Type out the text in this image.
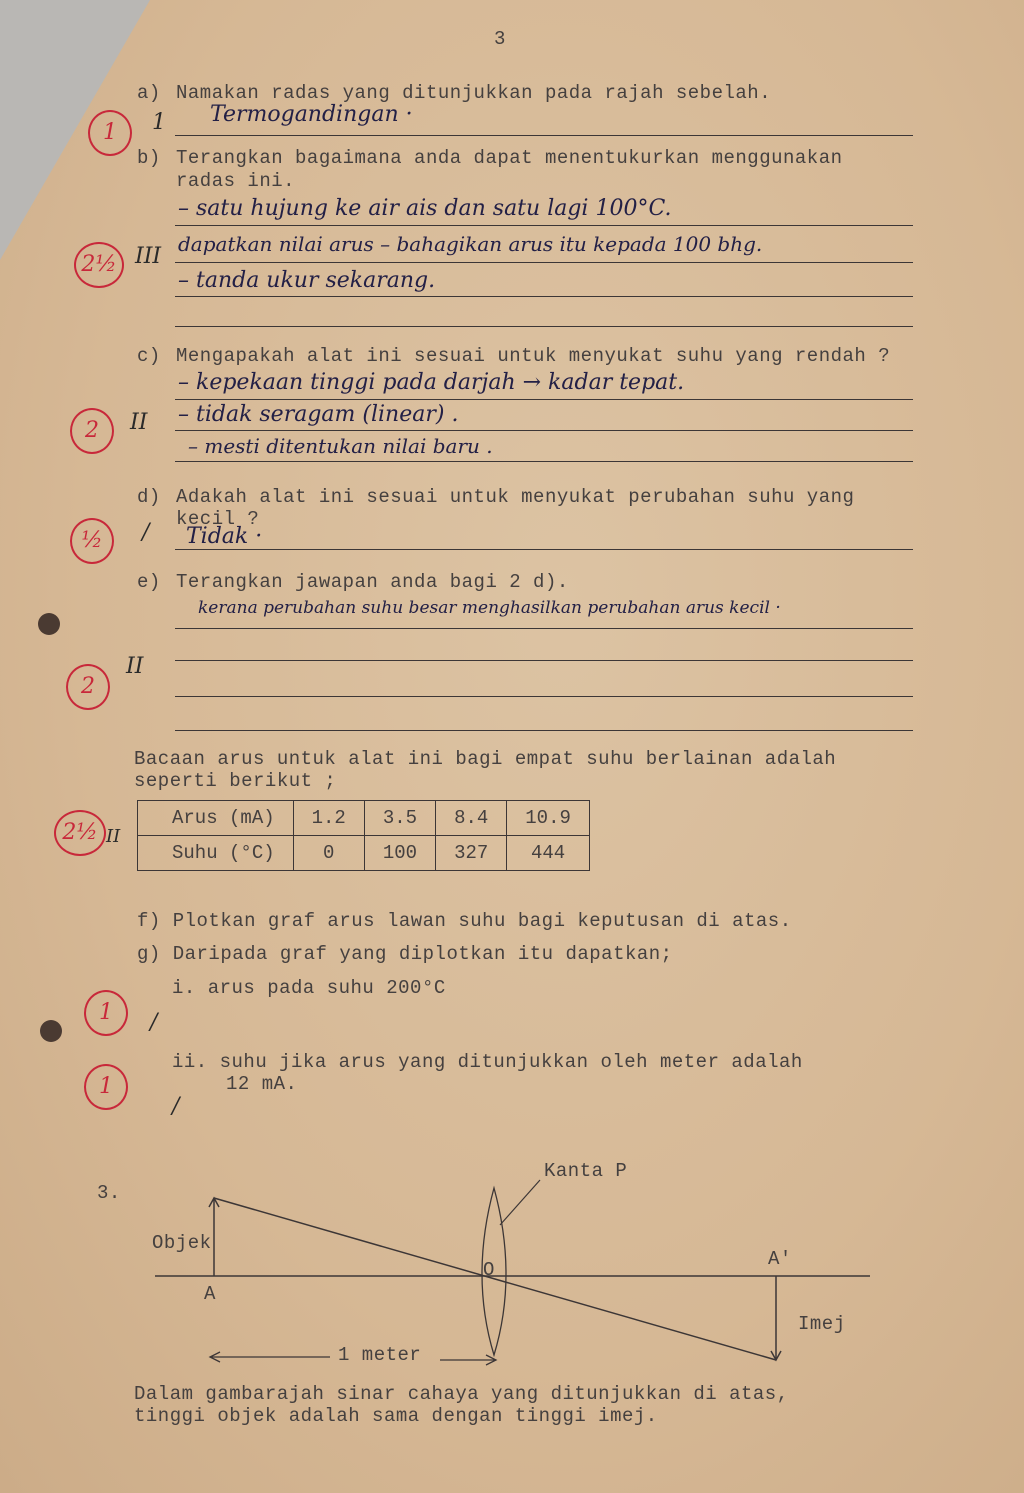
3
a) Namakan radas yang ditunjukkan pada rajah sebelah.
1	1 Termogandingan ·
b) Terangkan bagaimana anda dapat menentukurkan menggunakan
radas ini.
– satu hujung ke air ais dan satu lagi 100°C.
dapatkan nilai arus – bahagikan arus itu kepada 100 bhg.
– tanda ukur sekarang.
2½ III
c) Mengapakah alat ini sesuai untuk menyukat suhu yang rendah ?
– kepekaan tinggi pada darjah → kadar tepat.
– tidak seragam (linear) .
– mesti ditentukan nilai baru .
2	II
d) Adakah alat ini sesuai untuk menyukat perubahan suhu yang
kecil ?
Tidak ·
½	/
e) Terangkan jawapan anda bagi 2 d).
kerana perubahan suhu besar menghasilkan perubahan arus kecil ·
2
II
Bacaan arus untuk alat ini bagi empat suhu berlainan adalah
seperti berikut ;
2½ II
Arus (mA)	1.2	3.5	8.4	10.9
Suhu (°C)	0	100	327	444
f) Plotkan graf arus lawan suhu bagi keputusan di atas.
g) Daripada graf yang diplotkan itu dapatkan;
i. arus pada suhu 200°C
1	/
ii. suhu jika arus yang ditunjukkan oleh meter adalah
12 mA.
1
/
3.
Kanta P
Objek
A
O	A'
Imej
1 meter
Dalam gambarajah sinar cahaya yang ditunjukkan di atas,
tinggi objek adalah sama dengan tinggi imej.
